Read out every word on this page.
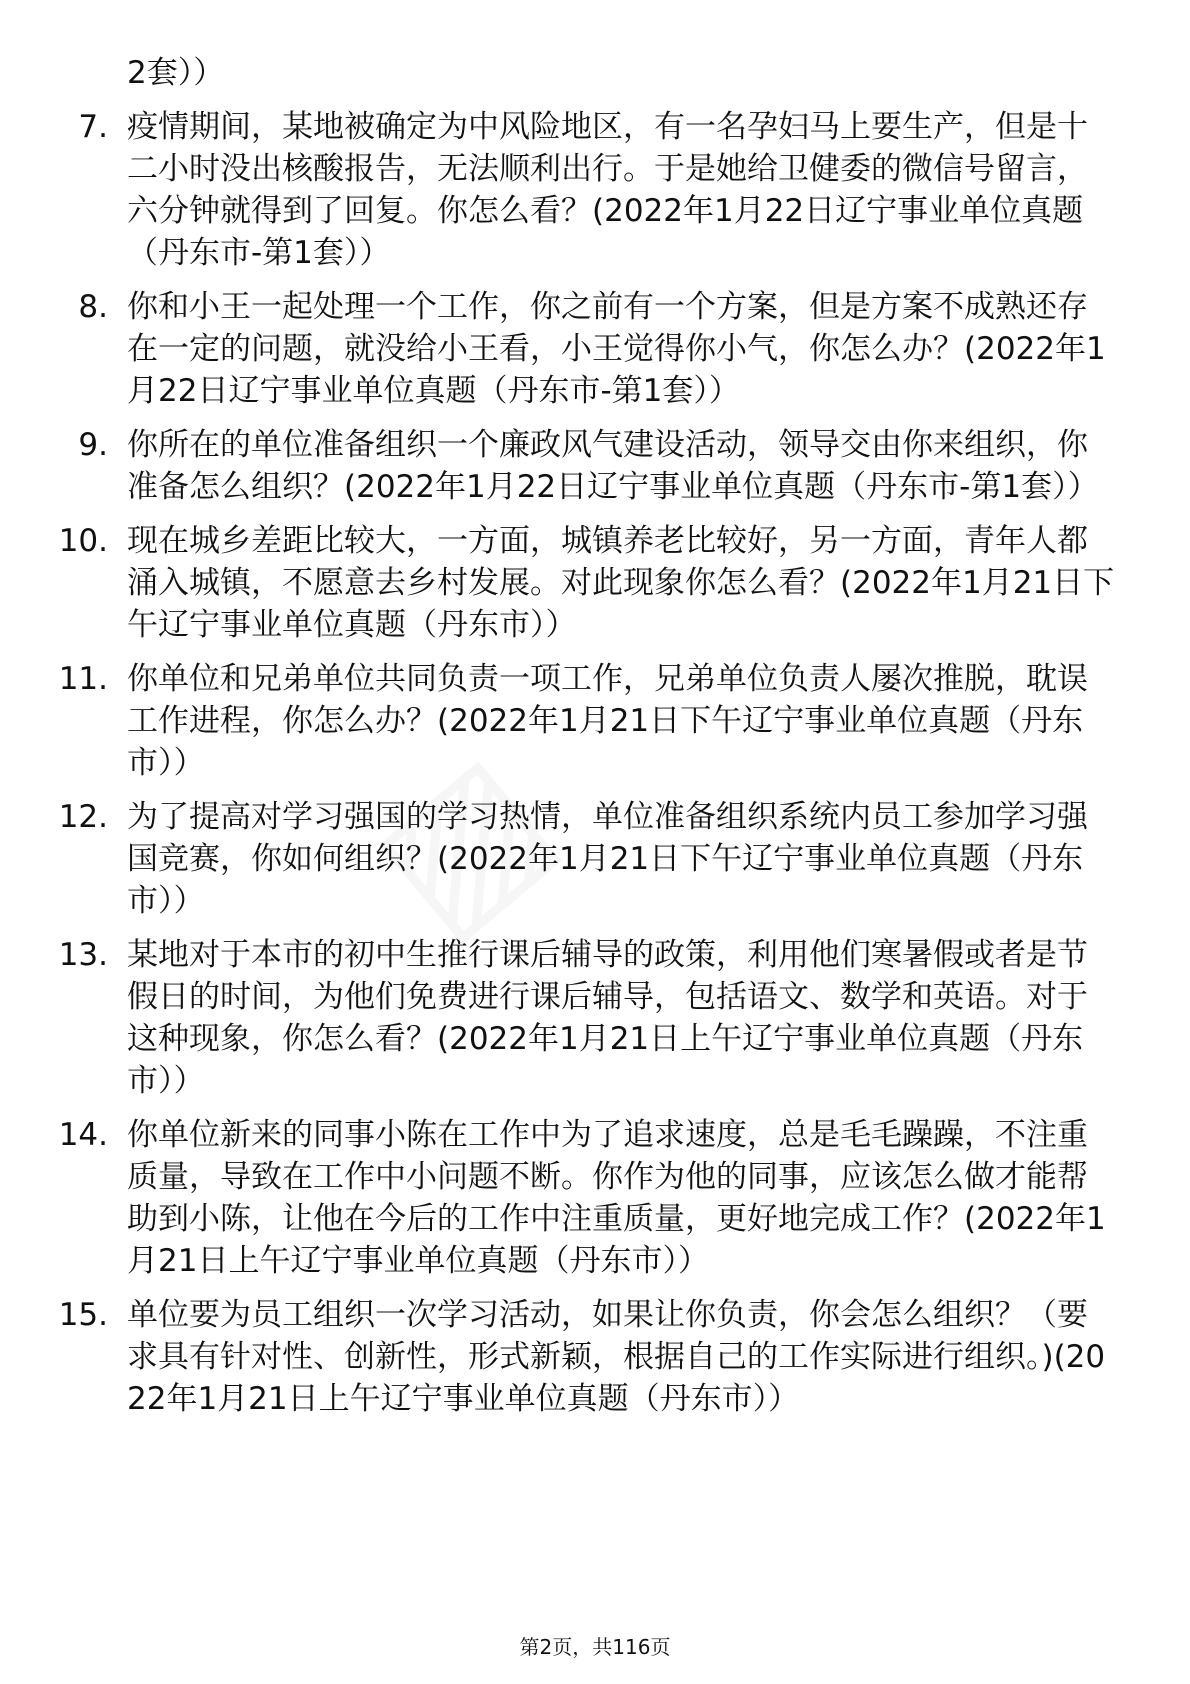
2套））
7. 疫情期间，某地被确定为中风险地区，有一名孕妇马上要生产，但是十二小时没出核酸报告，无法顺利出行。于是她给卫健委的微信号留言，六分钟就得到了回复。你怎么看？(2022年1月22日辽宁事业单位真题（丹东市-第1套））
8. 你和小王一起处理一个工作，你之前有一个方案，但是方案不成熟还存在一定的问题，就没给小王看，小王觉得你小气，你怎么办？(2022年1月22日辽宁事业单位真题（丹东市-第1套））
9. 你所在的单位准备组织一个廉政风气建设活动，领导交由你来组织，你准备怎么组织？(2022年1月22日辽宁事业单位真题（丹东市-第1套））
10. 现在城乡差距比较大，一方面，城镇养老比较好，另一方面，青年人都涌入城镇，不愿意去乡村发展。对此现象你怎么看？(2022年1月21日下午辽宁事业单位真题（丹东市））
11. 你单位和兄弟单位共同负责一项工作，兄弟单位负责人屡次推脱，耽误工作进程，你怎么办？(2022年1月21日下午辽宁事业单位真题（丹东市））
12. 为了提高对学习强国的学习热情，单位准备组织系统内员工参加学习强国竞赛，你如何组织？(2022年1月21日下午辽宁事业单位真题（丹东市））
13. 某地对于本市的初中生推行课后辅导的政策，利用他们寒暑假或者是节假日的时间，为他们免费进行课后辅导，包括语文、数学和英语。对于这种现象，你怎么看？(2022年1月21日上午辽宁事业单位真题（丹东市））
14. 你单位新来的同事小陈在工作中为了追求速度，总是毛毛躁躁，不注重质量，导致在工作中小问题不断。你作为他的同事，应该怎么做才能帮助到小陈，让他在今后的工作中注重质量，更好地完成工作？(2022年1月21日上午辽宁事业单位真题（丹东市））
15. 单位要为员工组织一次学习活动，如果让你负责，你会怎么组织？（要求具有针对性、创新性，形式新颖，根据自己的工作实际进行组织。)(2022年1月21日上午辽宁事业单位真题（丹东市））
第2页，共116页
